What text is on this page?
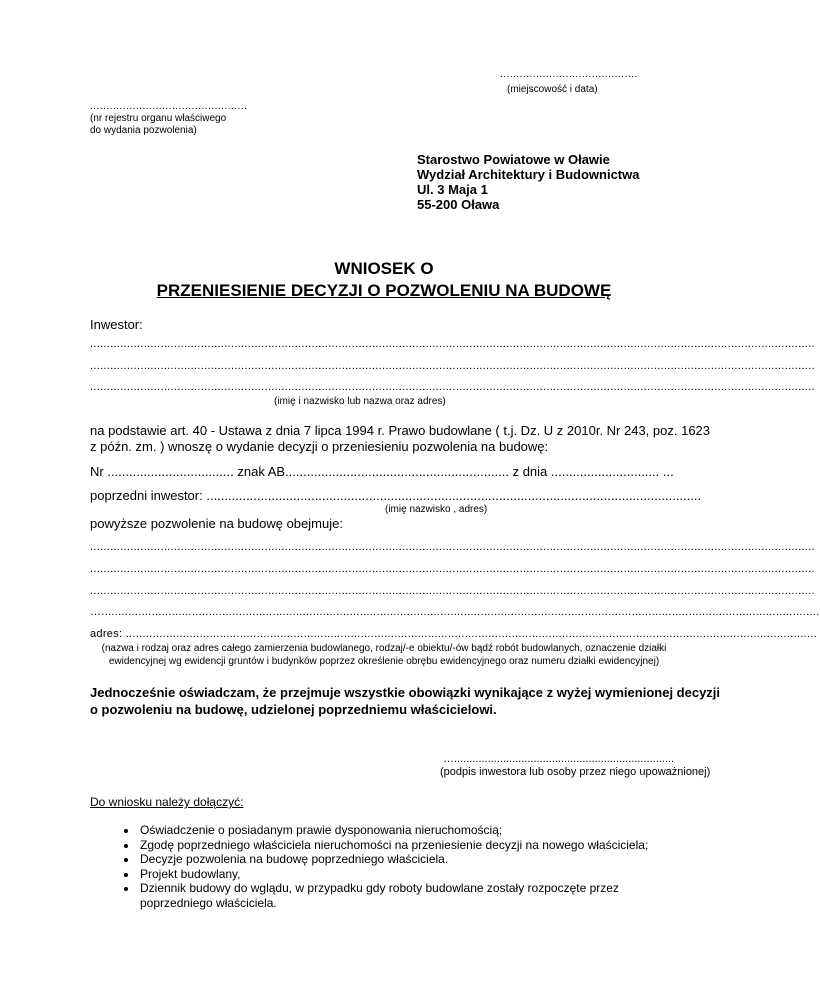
..........................................
(miejscowość i data)
................................................
(nr rejestru organu właściwego
do wydania pozwolenia)
Starostwo Powiatowe w Oławie
Wydział Architektury i Budownictwa
Ul. 3 Maja 1
55-200 Oława
WNIOSEK O
PRZENIESIENIE DECYZJI O POZWOLENIU NA BUDOWĘ
Inwestor:
........................................................................................................................................................................................................................
........................................................................................................................................................................................................................
........................................................................................................................................................................................................................
(imię i nazwisko lub nazwa oraz adres)
na podstawie art. 40 - Ustawa z dnia 7 lipca 1994 r. Prawo budowlane ( t.j. Dz. U z 2010r. Nr 243, poz. 1623
z późn. zm. ) wnoszę o wydanie decyzji o przeniesieniu pozwolenia na budowę:
Nr ................................... znak AB.............................................................. z dnia .............................. ...
poprzedni inwestor: .........................................................................................................................................
(imię nazwisko , adres)
powyższe pozwolenie na budowę obejmuje:
........................................................................................................................................................................................................................
........................................................................................................................................................................................................................
........................................................................................................................................................................................................................
…......................................................................................................................................................................................................................
adres: ..............................................................................................................................................................................................................
(nazwa i rodzaj oraz adres całego zamierzenia budowlanego, rodzaj/-e obiektu/-ów bądź robót budowlanych, oznaczenie działki
ewidencyjnej wg ewidencji gruntów i budynków poprzez określenie obrębu ewidencyjnego oraz numeru działki ewidencyjnej)
Jednocześnie oświadczam, że przejmuje wszystkie obowiązki wynikające z wyżej wymienionej decyzji
o pozwoleniu na budowę, udzielonej poprzedniemu właścicielowi.
…........................................................................
(podpis inwestora lub osoby przez niego upoważnionej)
Do wniosku należy dołączyć:
• Oświadczenie o posiadanym prawie dysponowania nieruchomością;
• Zgodę poprzedniego właściciela nieruchomości na przeniesienie decyzji na nowego właściciela;
• Decyzje pozwolenia na budowę poprzedniego właściciela.
• Projekt budowlany,
• Dziennik budowy do wglądu, w przypadku gdy roboty budowlane zostały rozpoczęte przez poprzedniego właściciela.
